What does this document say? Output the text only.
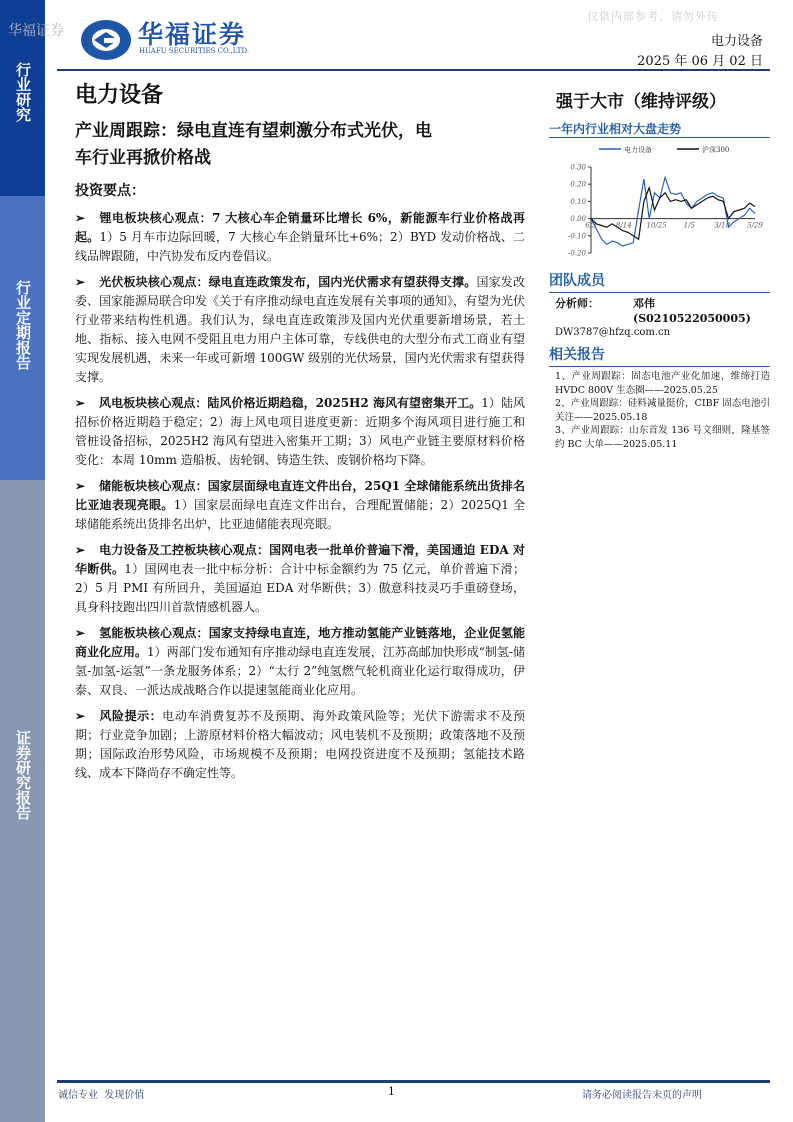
行业研究
行业定期报告
证券研究报告
华福证券
仅供内部参考，请勿外传
华福证券
HUAFU SECURITIES CO.,LTD.
电力设备
2025 年 06 月 02 日
电力设备
产业周跟踪：绿电直连有望刺激分布式光伏，电
车行业再掀价格战
投资要点：
➢ 锂电板块核心观点：7 大核心车企销量环比增长 6%，新能源车行业价格战再起。1）5 月车市边际回暖，7 大核心车企销量环比+6%；2）BYD 发动价格战、二线品牌跟随，中汽协发布反内卷倡议。
➢ 光伏板块核心观点：绿电直连政策发布，国内光伏需求有望获得支撑。国家发改委、国家能源局联合印发《关于有序推动绿电直连发展有关事项的通知》，有望为光伏行业带来结构性机遇。我们认为，绿电直连政策涉及国内光伏重要新增场景，若土地、指标、接入电网不受阻且电力用户主体可靠，专线供电的大型分布式工商业有望实现发展机遇，未来一年或可新增 100GW 级别的光伏场景，国内光伏需求有望获得支撑。
➢ 风电板块核心观点：陆风价格近期趋稳，2025H2 海风有望密集开工。1）陆风招标价格近期趋于稳定；2）海上风电项目进度更新：近期多个海风项目进行施工和管桩设备招标，2025H2 海风有望进入密集开工期；3）风电产业链主要原材料价格变化：本周 10mm 造船板、齿轮钢、铸造生铁、废钢价格均下降。
➢ 储能板块核心观点：国家层面绿电直连文件出台，25Q1 全球储能系统出货排名比亚迪表现亮眼。1）国家层面绿电直连文件出台，合理配置储能；2）2025Q1 全球储能系统出货排名出炉，比亚迪储能表现亮眼。
➢ 电力设备及工控板块核心观点：国网电表一批单价普遍下滑，美国通迫 EDA 对华断供。1）国网电表一批中标分析：合计中标金额约为 75 亿元，单价普遍下滑；2）5 月 PMI 有所回升，美国逼迫 EDA 对华断供；3）傲意科技灵巧手重磅登场，具身科技跑出四川首款情感机器人。
➢ 氢能板块核心观点：国家支持绿电直连，地方推动氢能产业链落地，企业促氢能商业化应用。1）两部门发布通知有序推动绿电直连发展，江苏高邮加快形成“制氢-储氢-加氢-运氢”一条龙服务体系；2）“太行 2”纯氢燃气轮机商业化运行取得成功，伊泰、双良、一派达成战略合作以提速氢能商业化应用。
➢ 风险提示：电动车消费复苏不及预期、海外政策风险等；光伏下游需求不及预期；行业竞争加剧；上游原材料价格大幅波动；风电装机不及预期；政策落地不及预期；国际政治形势风险，市场规模不及预期；电网投资进度不及预期；氢能技术路线、成本下降尚存不确定性等。
强于大市（维持评级）
一年内行业相对大盘走势
电力设备	沪深300
0.30
0.20
0.10
0.00
-0.10
-0.20
6/3	8/14 10/25 1/5	3/18 5/29
团队成员
分析师：	邓伟(S0210522050005)
DW3787@hfzq.com.cn
相关报告
1、产业周跟踪：固态电池产业化加速，维缔打造 HVDC 800V 生态圈——2025.05.25
2、产业周跟踪：硅料减量挺价，CIBF 固态电池引关注——2025.05.18
3、产业周跟踪：山东首发 136 号文细则，隆基签约 BC 大单——2025.05.11
诚信专业  发现价值	1	请务必阅读报告末页的声明
